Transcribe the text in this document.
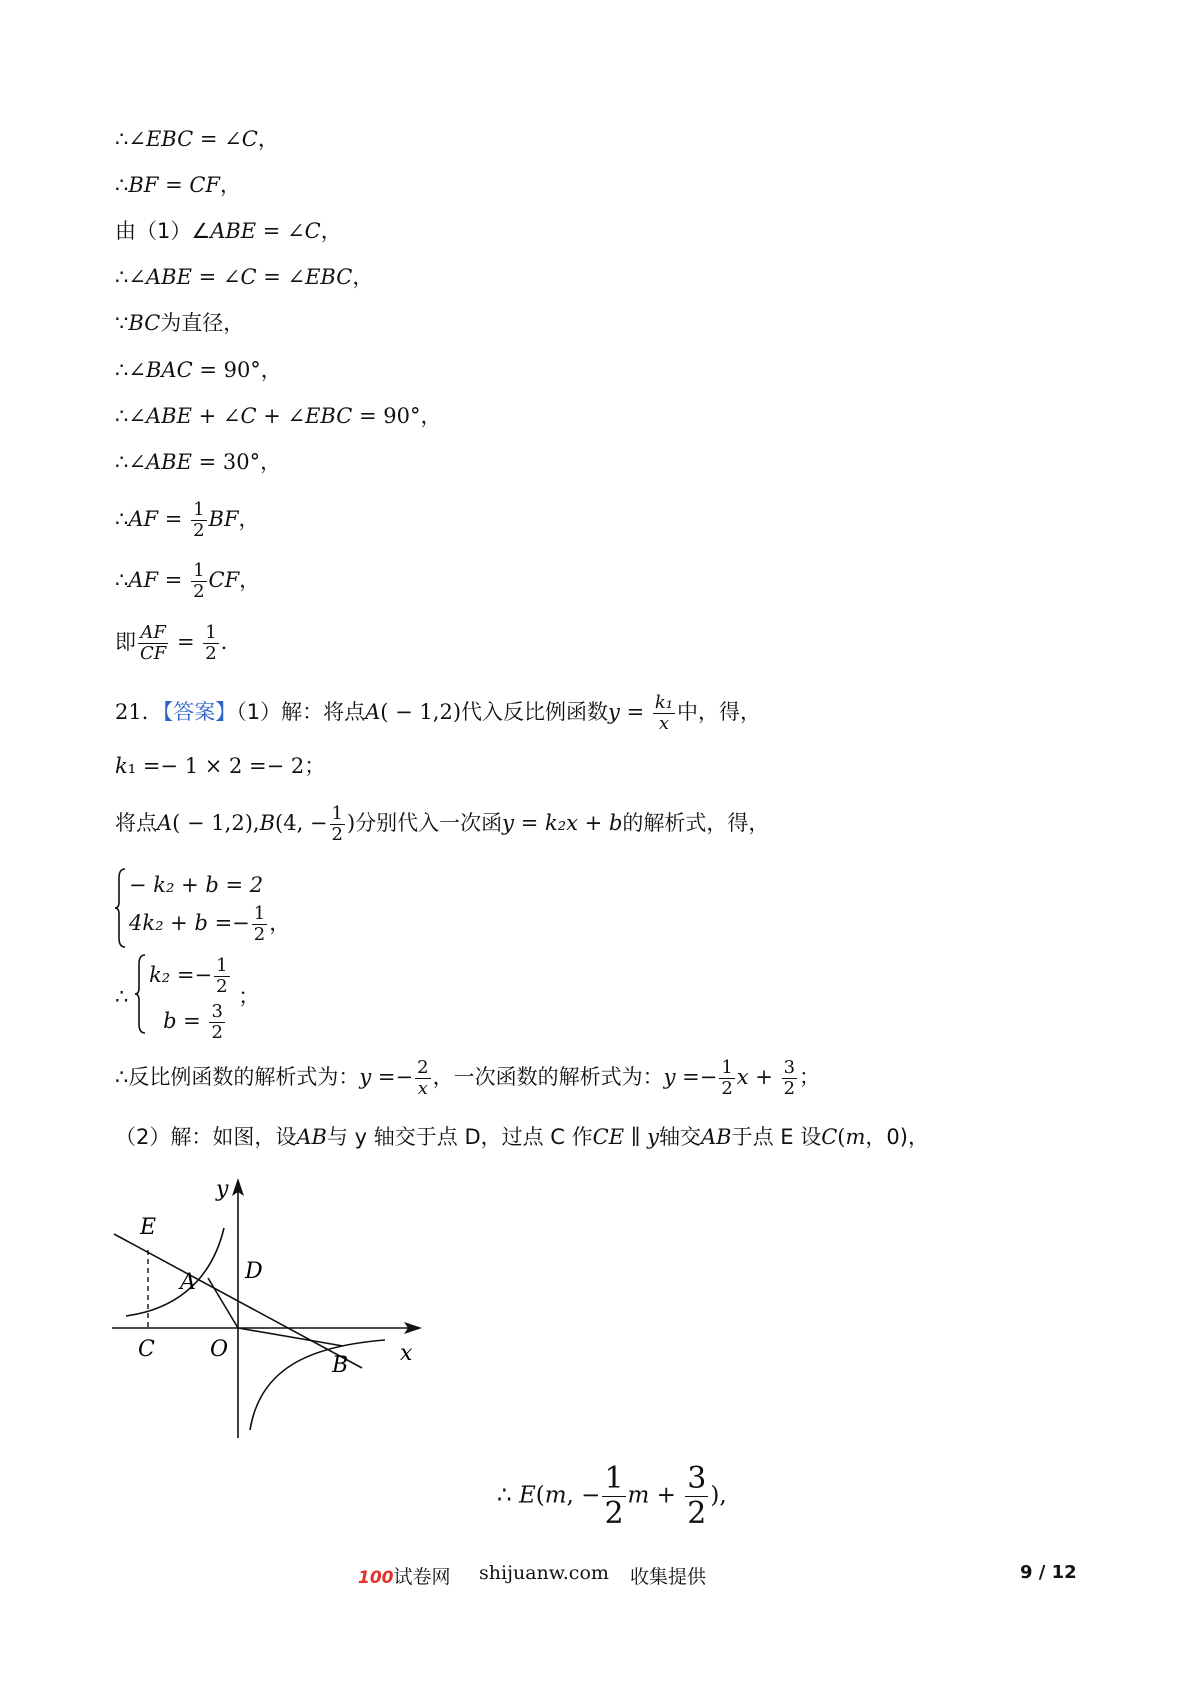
∴∠EBC = ∠C，
∴BF = CF，
由（1）∠ABE = ∠C，
∴∠ABE = ∠C = ∠EBC，
∵BC为直径，
∴∠BAC = 90°，
∴∠ABE + ∠C + ∠EBC = 90°，
∴∠ABE = 30°，
∴AF = $\frac{1}{2}$ BF，
∴AF = $\frac{1}{2}$ CF，
即 $\frac{AF}{CF} = \frac{1}{2}$ .
21．【答案】（1）解：将点A( − 1,2)代入反比例函数$y = \frac{\text{k₁}}{x}$ 中，得，
k₁ =− 1 × 2 =− 2；
将点A( − 1,2),B(4, − $\frac{1}{2}$ )分别代入一次函y = k₂x + b的解析式，得，
− k₂ + b = 2
$4k_2 + b =- \frac{1}{2}$ ，
∴
$k_2 =- \frac{1}{2}$
$b = \frac{3}{2}$
；
∴反比例函数的解析式为：$y =- \frac{2}{x}$ ，一次函数的解析式为：$y =- \frac{1}{2}$ $x + \frac{3}{2}$ ；
（2）解：如图，设AB与 y 轴交于点 D，过点 C 作CE ∥ y轴交AB于点 E 设C(m，0)，
y
x
E
A D
C	O
B
∴ E(m, − $\frac{1}{2}$ $m + \frac{3}{2}$ ),
100试卷网 shijuanw.com 收集提供	9 / 12
